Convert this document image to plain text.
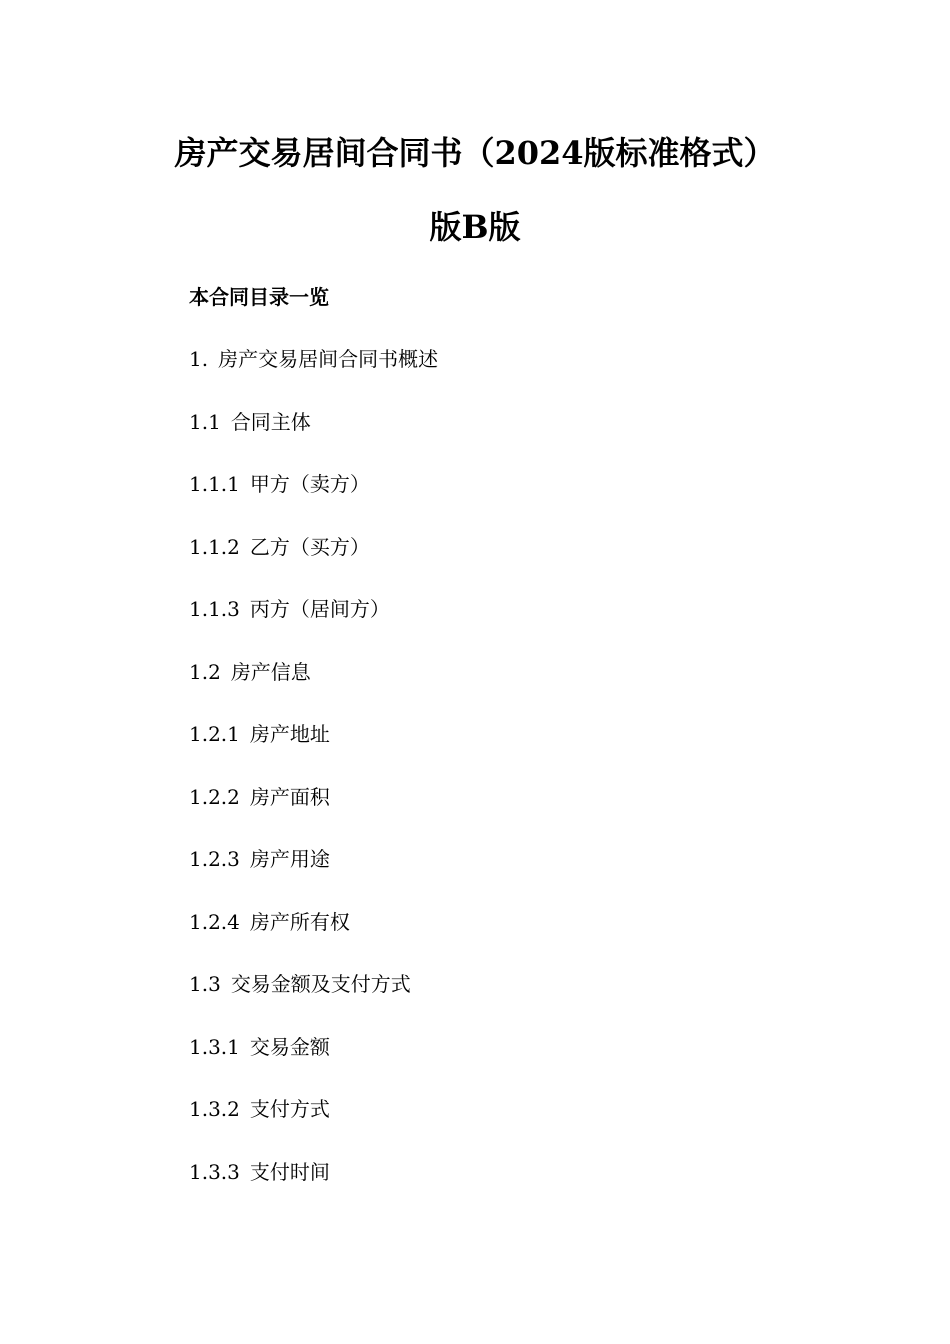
房产交易居间合同书（2024版标准格式）
版B版
本合同目录一览
1. 房产交易居间合同书概述
1.1 合同主体
1.1.1 甲方（卖方）
1.1.2 乙方（买方）
1.1.3 丙方（居间方）
1.2 房产信息
1.2.1 房产地址
1.2.2 房产面积
1.2.3 房产用途
1.2.4 房产所有权
1.3 交易金额及支付方式
1.3.1 交易金额
1.3.2 支付方式
1.3.3 支付时间
